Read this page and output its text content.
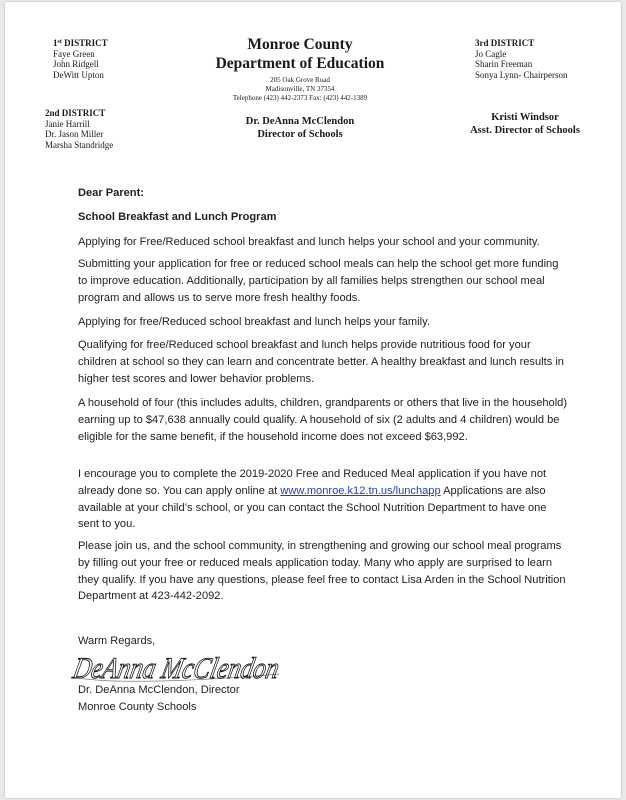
1st DISTRICT
Faye Green
John Ridgell
DeWitt Upton
2nd DISTRICT
Janie Harrill
Dr. Jason Miller
Marsha Standridge
3rd DISTRICT
Jo Cagle
Sharin Freeman
Sonya Lynn- Chairperson
Monroe County
Department of Education
205 Oak Grove Road
Madisonville, TN 37354
Telephone (423) 442-2373 Fax: (423) 442-1389
Dr. DeAnna McClendon
Director of Schools
Kristi Windsor
Asst. Director of Schools
Dear Parent:
School Breakfast and Lunch Program

Applying for Free/Reduced school breakfast and lunch helps your school and your community.

Submitting your application for free or reduced school meals can help the school get more funding to improve education. Additionally, participation by all families helps strengthen our school meal program and allows us to serve more fresh healthy foods.

Applying for free/Reduced school breakfast and lunch helps your family.

Qualifying for free/Reduced school breakfast and lunch helps provide nutritious food for your children at school so they can learn and concentrate better. A healthy breakfast and lunch results in higher test scores and lower behavior problems.

A household of four (this includes adults, children, grandparents or others that live in the household) earning up to $47,638 annually could qualify. A household of six (2 adults and 4 children) would be eligible for the same benefit, if the household income does not exceed $63,992.

I encourage you to complete the 2019-2020 Free and Reduced Meal application if you have not already done so. You can apply online at www.monroe.k12.tn.us/lunchapp Applications are also available at your child’s school, or you can contact the School Nutrition Department to have one sent to you.

Please join us, and the school community, in strengthening and growing our school meal programs by filling out your free or reduced meals application today. Many who apply are surprised to learn they qualify. If you have any questions, please feel free to contact Lisa Arden in the School Nutrition Department at 423-442-2092.

Warm Regards,
DeAnna McClendon
Dr. DeAnna McClendon, Director
Monroe County Schools
